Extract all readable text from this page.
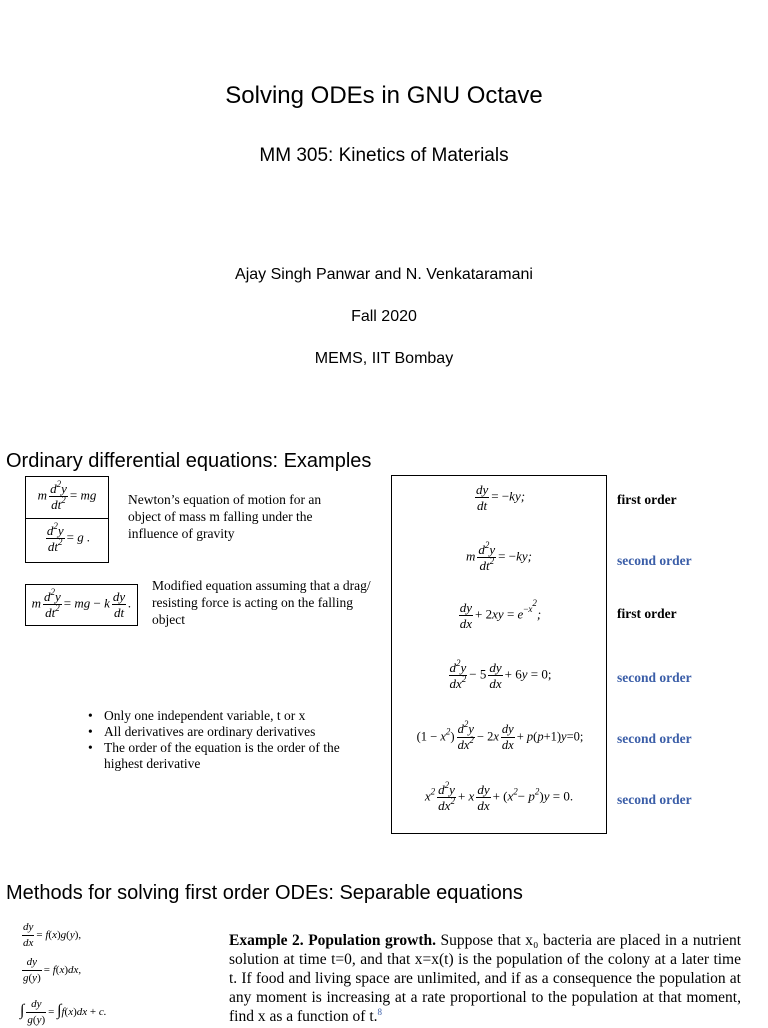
Solving ODEs in GNU Octave
MM 305: Kinetics of Materials
Ajay Singh Panwar and N. Venkataramani
Fall 2020
MEMS, IIT Bombay
Ordinary differential equations: Examples
m $\frac{d^2y}{dt^2}$ = mg
$\frac{d^2y}{dt^2} = g$ .
Newton’s equation of motion for an object of mass m falling under the influence of gravity
m $\frac{d^2y}{dt^2}$ = mg − k $\frac{dy}{dt}$ .
Modified equation assuming that a drag/ resisting force is acting on the falling object
• Only one independent variable, t or x
• All derivatives are ordinary derivatives
• The order of the equation is the order of the highest derivative
$\frac{dy}{dt} = -ky$;	first order
m $\frac{d^2y}{dt^2} = -ky$;	second order
$\frac{dy}{dx} + 2xy = e^{-x^2}$;	first order
$\frac{d^2y}{dx^2} - 5 \frac{dy}{dx} + 6y = 0$;	second order
$(1 - x^2) \frac{d^2y}{dx^2} - 2x \frac{dy}{dx} + p(p+1)y=0$;	second order
$x^2 \frac{d^2y}{dx^2} + x \frac{dy}{dx} + (x^2- p^2)y = 0$.	second order
Methods for solving first order ODEs: Separable equations
$\frac{dy}{dx} = f(x)g(y)$,
$\frac{dy}{g(y)} = f(x)dx$,
∫ $\frac{dy}{g(y)} = \int f(x)dx + c$.
Example 2. Population growth. Suppose that x₀ bacteria are placed in a nutrient solution at time t=0, and that x=x(t) is the population of the colony at a later time t. If food and living space are unlimited, and if as a consequence the population at any moment is increasing at a rate proportional to the population at that moment, find x as a function of t.$^8$
